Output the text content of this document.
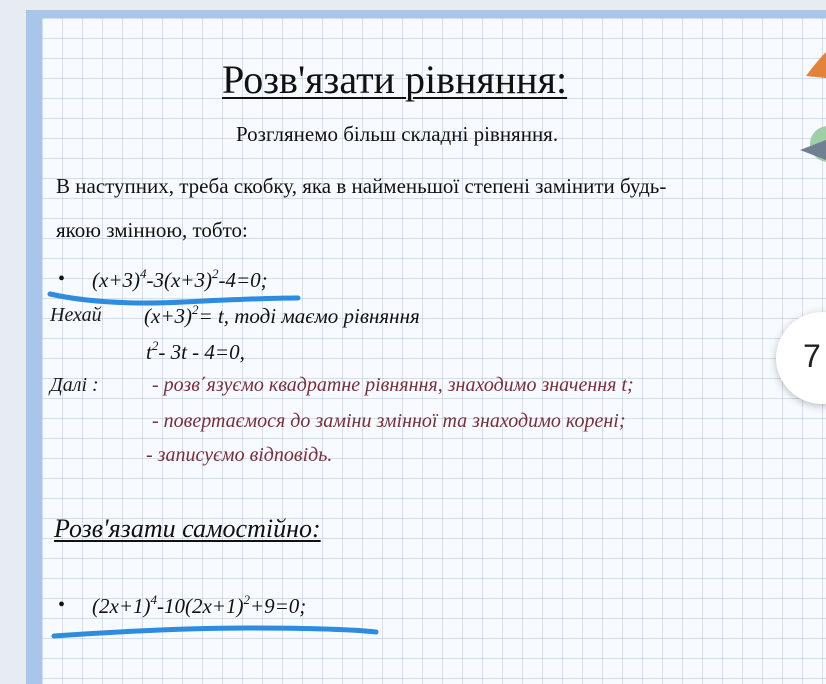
Розв'язати рівняння:
Розглянемо більш складні рівняння.
В наступних, треба скобку, яка в найменьшої степені замінити будь-
якою змінною, тобто:
• $(x+3)^4-3(x+3)^2-4=0$;
Нехай $(x+3)^2= t$, тоді маємо рівняння
$t^2-$ 3t - 4=0,
Далі :	- розв΄язуємо квадратне рівняння, знаходимо значення t;
- повертаємося до заміни змінної та знаходимо корені;
- записуємо відповідь.
Розв'язати самостійно:
• $(2x+1)^4-10(2x+1)^2+9=0$;
7
